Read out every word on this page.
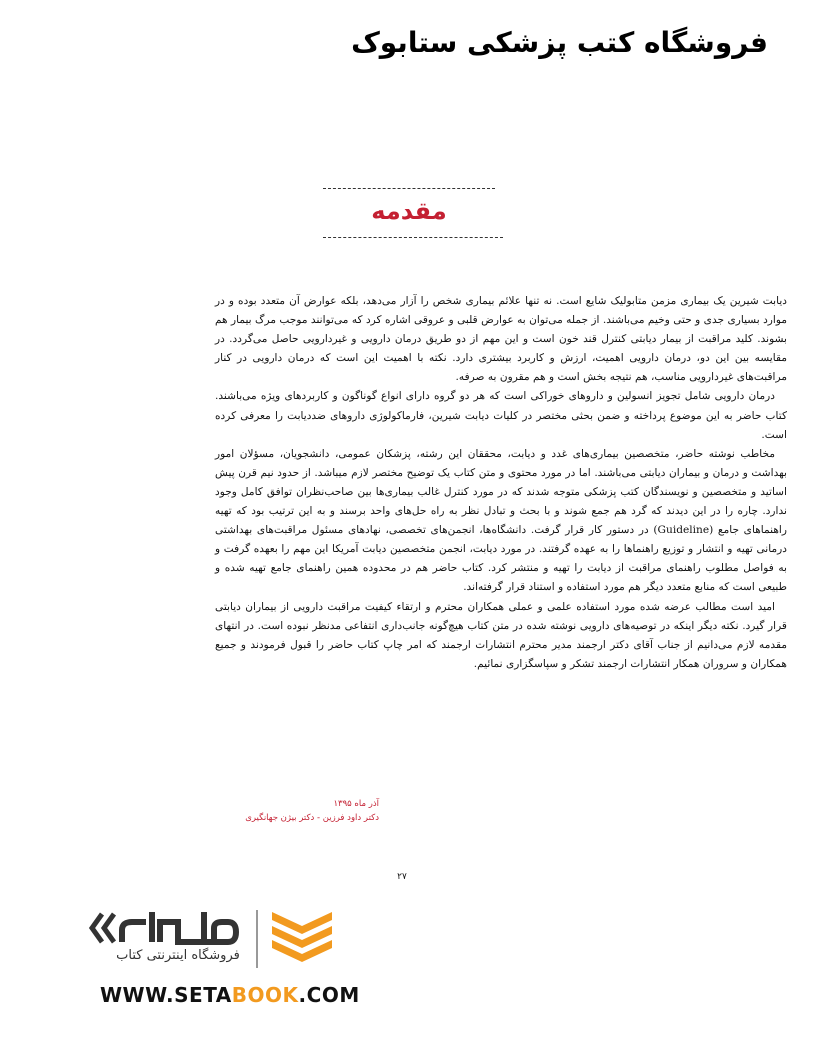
فروشگاه کتب پزشکی ستابوک
مقدمه

دیابت شیرین یک بیماری مزمن متابولیک شایع است. نه تنها علائم بیماری شخص را آزار می‌دهد، بلکه عوارض آن متعدد بوده و در موارد بسیاری جدی و حتی وخیم می‌باشند. از جمله می‌توان به عوارض قلبی و عروقی اشاره کرد که می‌توانند موجب مرگ بیمار هم بشوند. کلید مراقبت از بیمار دیابتی کنترل قند خون است و این مهم از دو طریق درمان دارویی و غیردارویی حاصل می‌گردد. در مقایسه بین این دو، درمان دارویی اهمیت، ارزش و کاربرد بیشتری دارد. نکته با اهمیت این است که درمان دارویی در کنار مراقبت‌های غیردارویی مناسب، هم نتیجه بخش است و هم مقرون به صرفه.

درمان دارویی شامل تجویز انسولین و داروهای خوراکی است که هر دو گروه دارای انواع گوناگون و کاربردهای ویژه می‌باشند. کتاب حاضر به این موضوع پرداخته و ضمن بحثی مختصر در کلیات دیابت شیرین، فارماکولوژی داروهای ضددیابت را معرفی کرده است.

مخاطب نوشته حاضر، متخصصین بیماری‌های غدد و دیابت، محققان این رشته، پزشکان عمومی، دانشجویان، مسؤلان امور بهداشت و درمان و بیماران دیابتی می‌باشند. اما در مورد محتوی و متن کتاب یک توضیح مختصر لازم میباشد. از حدود نیم قرن پیش اساتید و متخصصین و نویسندگان کتب پزشکی متوجه شدند که در مورد کنترل غالب بیماری‌ها بین صاحب‌نظران توافق کامل وجود ندارد. چاره را در این دیدند که گرد هم جمع شوند و با بحث و تبادل نظر به راه حل‌های واحد برسند و به این ترتیب بود که تهیه راهنماهای جامع (Guideline) در دستور کار قرار گرفت. دانشگاه‌ها، انجمن‌های تخصصی، نهادهای مسئول مراقبت‌های بهداشتی درمانی تهیه و انتشار و توزیع راهنماها را به عهده گرفتند. در مورد دیابت، انجمن متخصصین دیابت آمریکا این مهم را بعهده گرفت و به فواصل مطلوب راهنمای مراقبت از دیابت را تهیه و منتشر کرد. کتاب حاضر هم در محدوده همین راهنمای جامع تهیه شده و طبیعی است که منابع متعدد دیگر هم مورد استفاده و استناد قرار گرفته‌اند.

امید است مطالب عرضه شده مورد استفاده علمی و عملی همکاران محترم و ارتقاء کیفیت مراقبت دارویی از بیماران دیابتی قرار گیرد. نکته دیگر اینکه در توصیه‌های دارویی نوشته شده در متن کتاب هیچ‌گونه جانب‌داری انتفاعی مدنظر نبوده است. در انتهای مقدمه لازم می‌دانیم از جناب آقای دکتر ارجمند مدیر محترم انتشارات ارجمند که امر چاپ کتاب حاضر را قبول فرمودند و جمیع همکاران و سروران همکار انتشارات ارجمند تشکر و سپاسگزاری نمائیم.

آذر ماه ۱۳۹۵
دکتر داود فرزین - دکتر بیژن جهانگیری
۲۷
فروشگاه اینترنتی کتاب
WWW.SETABOOK.COM
